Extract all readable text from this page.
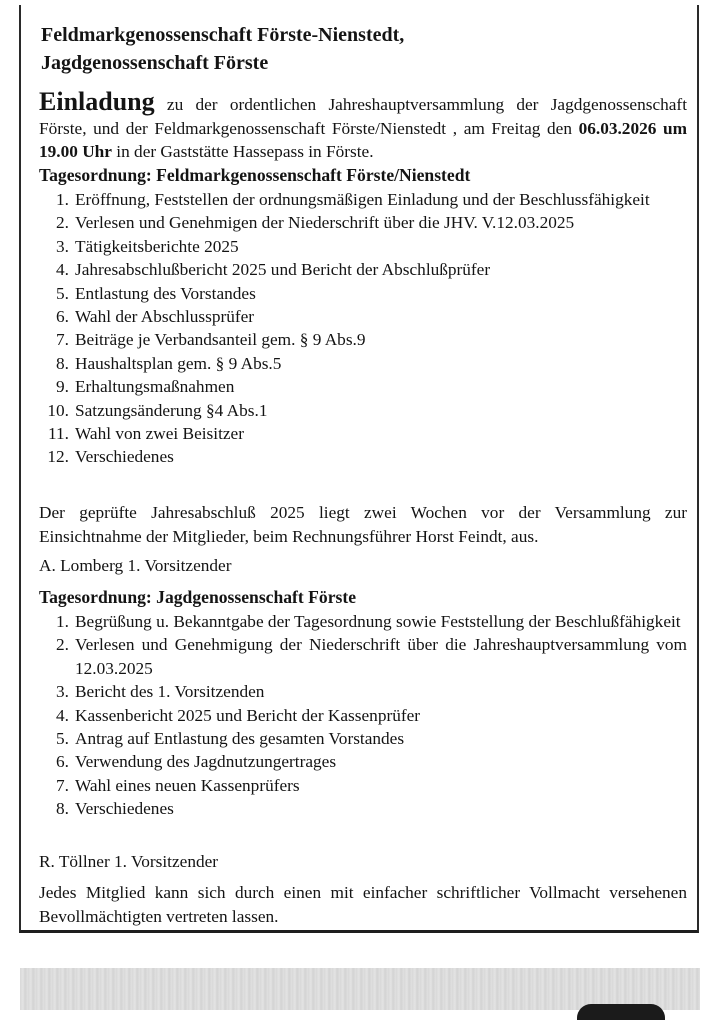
Feldmarkgenossenschaft Förste-Nienstedt,
Jagdgenossenschaft Förste
Einladung zu der ordentlichen Jahreshauptversammlung der Jagdgenossenschaft Förste, und der Feldmarkgenossenschaft Förste/Nienstedt , am Freitag den 06.03.2026 um 19.00 Uhr in der Gaststätte Hassepass in Förste.
Tagesordnung: Feldmarkgenossenschaft Förste/Nienstedt
1. Eröffnung, Feststellen der ordnungsmäßigen Einladung und der Beschlussfähigkeit
2. Verlesen und Genehmigen der Niederschrift über die JHV. V.12.03.2025
3. Tätigkeitsberichte 2025
4. Jahresabschlußbericht 2025 und Bericht der Abschlußprüfer
5. Entlastung des Vorstandes
6. Wahl der Abschlussprüfer
7. Beiträge je Verbandsanteil gem. § 9 Abs.9
8. Haushaltsplan gem. § 9 Abs.5
9. Erhaltungsmaßnahmen
10. Satzungsänderung §4 Abs.1
11. Wahl von zwei Beisitzer
12. Verschiedenes
Der geprüfte Jahresabschluß 2025 liegt zwei Wochen vor der Versammlung zur Einsichtnahme der Mitglieder, beim Rechnungsführer Horst Feindt, aus.
A. Lomberg 1. Vorsitzender
Tagesordnung: Jagdgenossenschaft Förste
1. Begrüßung u. Bekanntgabe der Tagesordnung sowie Feststellung der Beschlußfähigkeit
2. Verlesen und Genehmigung der Niederschrift über die Jahreshauptversammlung vom 12.03.2025
3. Bericht des 1. Vorsitzenden
4. Kassenbericht 2025 und Bericht der Kassenprüfer
5. Antrag auf Entlastung des gesamten Vorstandes
6. Verwendung des Jagdnutzungertrages
7. Wahl eines neuen Kassenprüfers
8. Verschiedenes
R. Töllner 1. Vorsitzender
Jedes Mitglied kann sich durch einen mit einfacher schriftlicher Vollmacht versehenen Bevollmächtigten vertreten lassen.
